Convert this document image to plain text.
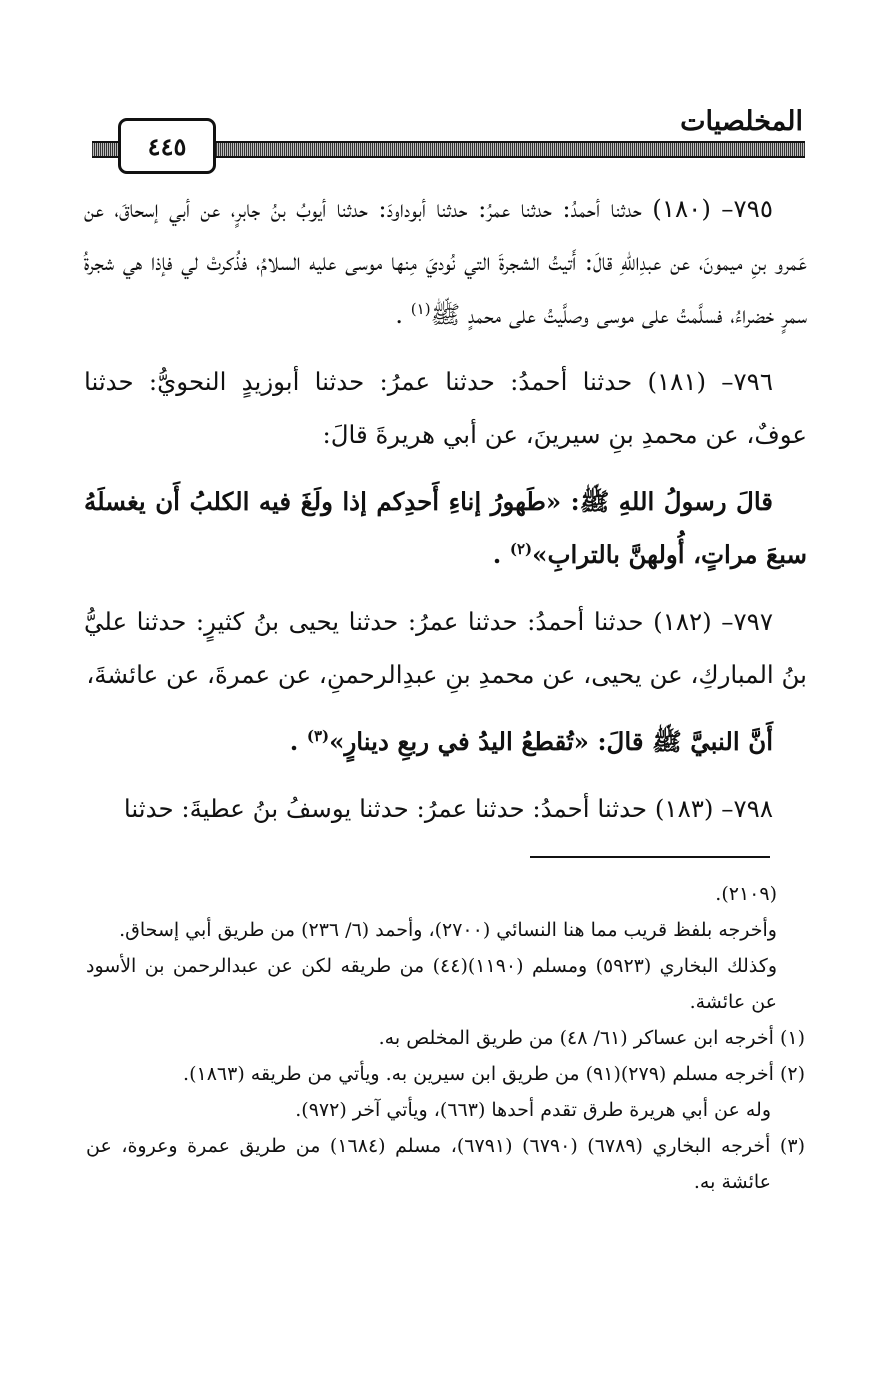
المخلصيات
٤٤٥

٧٩٥– (١٨٠) حدثنا أحمدُ: حدثنا عمرُ: حدثنا أبوداودَ: حدثنا أيوبُ بنُ جابرٍ، عن أبي إسحاقَ، عن عَمرو بنِ ميمونَ، عن عبدِاللهِ قالَ: أَتيتُ الشجرةَ التي نُوديَ مِنها موسى عليه السلامُ، فذُكرتْ لي فإذا هي شجرةُ سمرٍ خضراءُ، فسلَّمتُ على موسى وصلَّيتُ على محمدٍ ﷺ$^{(١)}$ .

٧٩٦– (١٨١) حدثنا أحمدُ: حدثنا عمرُ: حدثنا أبوزيدٍ النحويُّ: حدثنا عوفٌ، عن محمدِ بنِ سيرينَ، عن أبي هريرةَ قالَ:

قالَ رسولُ اللهِ ﷺ: «طَهورُ إناءِ أَحدِكم إذا ولَغَ فيه الكلبُ أَن يغسلَهُ سبعَ مراتٍ، أُولهنَّ بالترابِ»$^{(٢)}$ .

٧٩٧– (١٨٢) حدثنا أحمدُ: حدثنا عمرُ: حدثنا يحيى بنُ كثيرٍ: حدثنا عليُّ بنُ المباركِ، عن يحيى، عن محمدِ بنِ عبدِالرحمنِ، عن عمرةَ، عن عائشةَ،

أَنَّ النبيَّ ﷺ قالَ: «تُقطعُ اليدُ في ربعِ دينارٍ»$^{(٣)}$ .

٧٩٨– (١٨٣) حدثنا أحمدُ: حدثنا عمرُ: حدثنا يوسفُ بنُ عطيةَ: حدثنا

(٢١٠٩).

وأخرجه بلفظ قريب مما هنا النسائي (٢٧٠٠)، وأحمد (٦/ ٢٣٦) من طريق أبي إسحاق.

وكذلك البخاري (٥٩٢٣) ومسلم (١١٩٠)(٤٤) من طريقه لكن عن عبدالرحمن بن الأسود عن عائشة.

(١) أخرجه ابن عساكر (٦١/ ٤٨) من طريق المخلص به.

(٢) أخرجه مسلم (٢٧٩)(٩١) من طريق ابن سيرين به. ويأتي من طريقه (١٨٦٣).

وله عن أبي هريرة طرق تقدم أحدها (٦٦٣)، ويأتي آخر (٩٧٢).

(٣) أخرجه البخاري (٦٧٨٩) (٦٧٩٠) (٦٧٩١)، مسلم (١٦٨٤) من طريق عمرة وعروة، عن عائشة به.
